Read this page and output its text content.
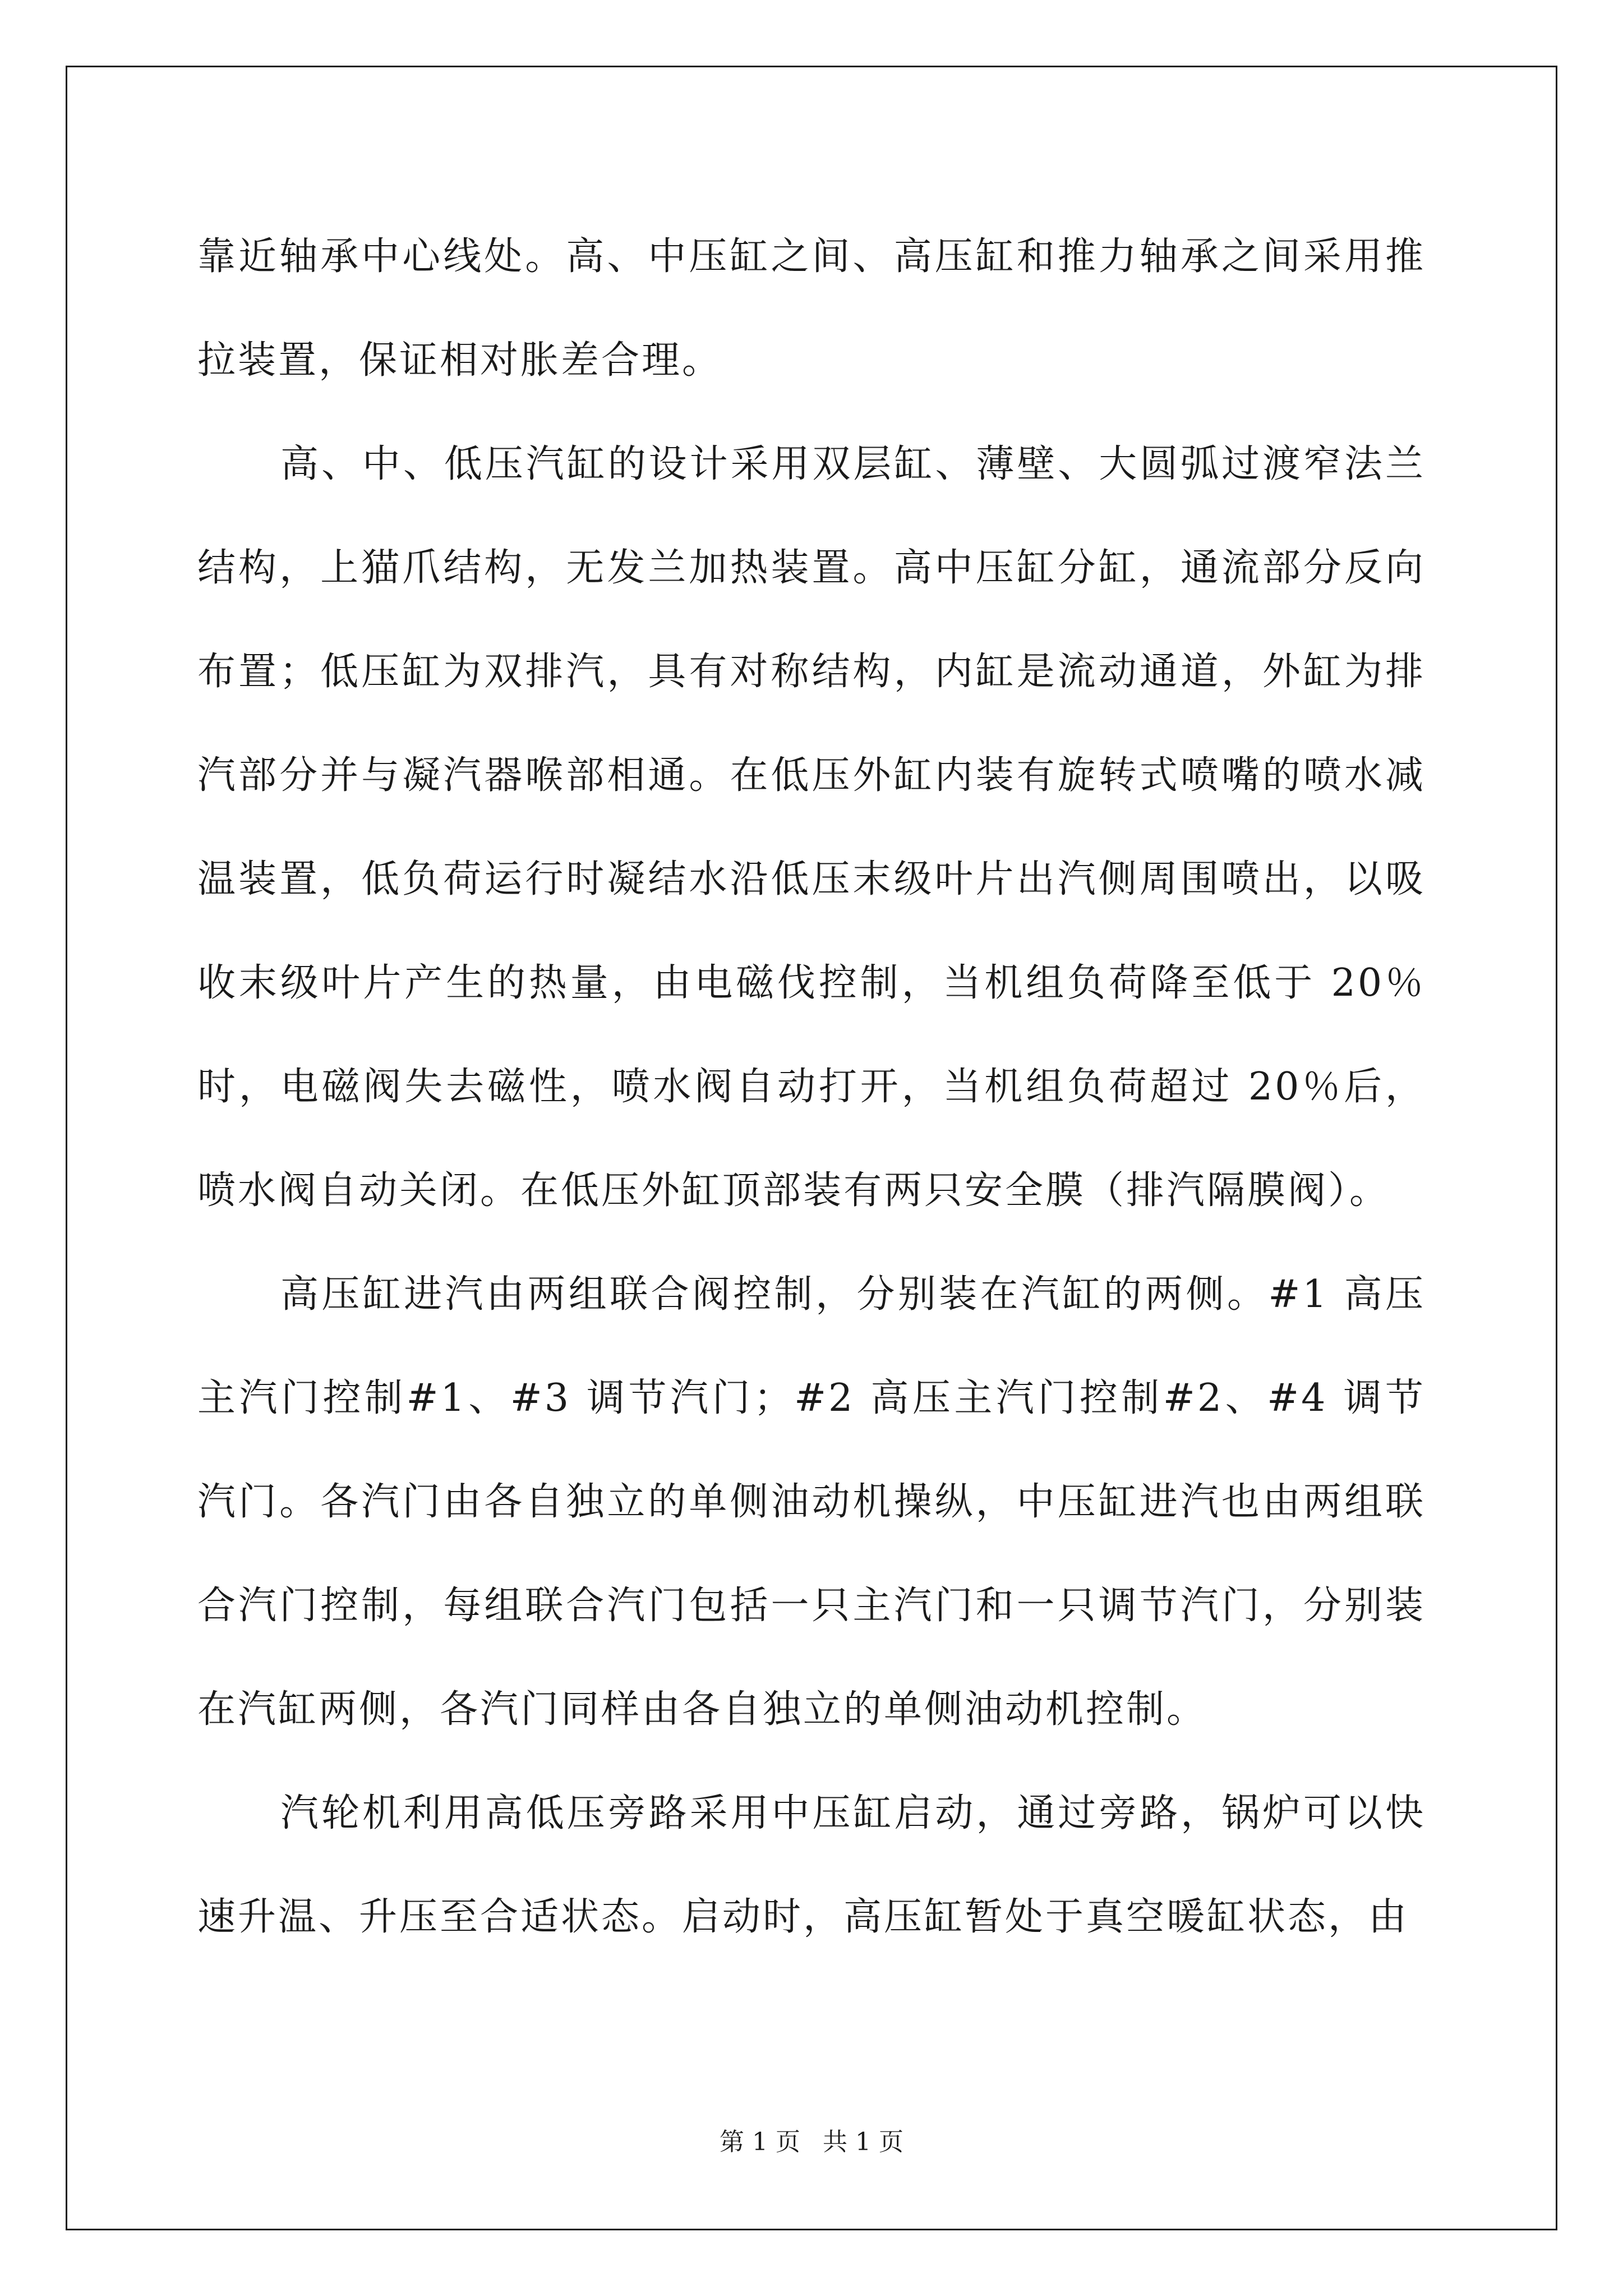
靠近轴承中心线处。高、中压缸之间、高压缸和推力轴承之间采用推拉装置，保证相对胀差合理。

高、中、低压汽缸的设计采用双层缸、薄壁、大圆弧过渡窄法兰结构，上猫爪结构，无发兰加热装置。高中压缸分缸，通流部分反向布置；低压缸为双排汽，具有对称结构，内缸是流动通道，外缸为排汽部分并与凝汽器喉部相通。在低压外缸内装有旋转式喷嘴的喷水减温装置，低负荷运行时凝结水沿低压末级叶片出汽侧周围喷出，以吸收末级叶片产生的热量，由电磁伐控制，当机组负荷降至低于 20％时，电磁阀失去磁性，喷水阀自动打开，当机组负荷超过 20％后，喷水阀自动关闭。在低压外缸顶部装有两只安全膜（排汽隔膜阀）。

高压缸进汽由两组联合阀控制，分别装在汽缸的两侧。#1 高压主汽门控制#1、#3 调节汽门；#2 高压主汽门控制#2、#4 调节汽门。各汽门由各自独立的单侧油动机操纵，中压缸进汽也由两组联合汽门控制，每组联合汽门包括一只主汽门和一只调节汽门，分别装在汽缸两侧，各汽门同样由各自独立的单侧油动机控制。

汽轮机利用高低压旁路采用中压缸启动，通过旁路，锅炉可以快速升温、升压至合适状态。启动时，高压缸暂处于真空暖缸状态，由

第 1 页 共 1 页
